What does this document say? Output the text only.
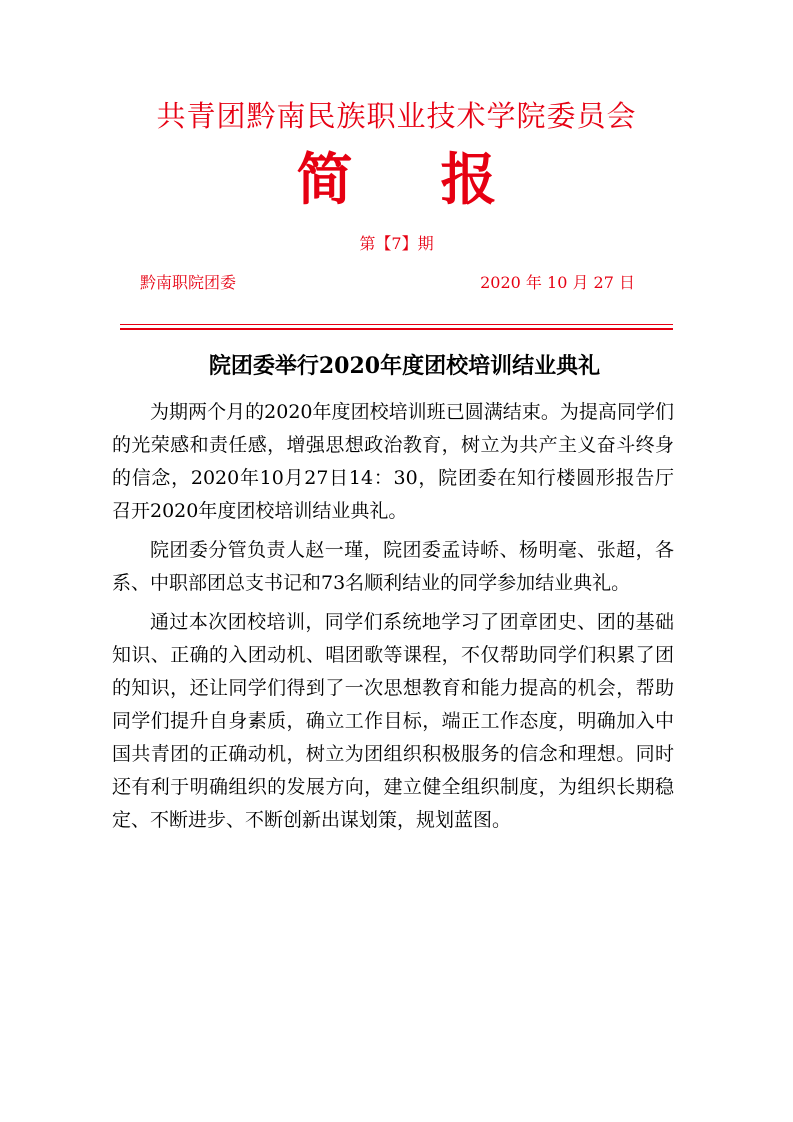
共青团黔南民族职业技术学院委员会
简报
第【7】期
黔南职院团委	2020 年 10 月 27 日
院团委举行2020年度团校培训结业典礼

为期两个月的2020年度团校培训班已圆满结束。为提高同学们的光荣感和责任感，增强思想政治教育，树立为共产主义奋斗终身的信念，2020年10月27日14：30，院团委在知行楼圆形报告厅召开2020年度团校培训结业典礼。

院团委分管负责人赵一瑾，院团委孟诗峤、杨明毫、张超，各系、中职部团总支书记和73名顺利结业的同学参加结业典礼。

通过本次团校培训，同学们系统地学习了团章团史、团的基础知识、正确的入团动机、唱团歌等课程，不仅帮助同学们积累了团的知识，还让同学们得到了一次思想教育和能力提高的机会，帮助同学们提升自身素质，确立工作目标，端正工作态度，明确加入中国共青团的正确动机，树立为团组织积极服务的信念和理想。同时还有利于明确组织的发展方向，建立健全组织制度，为组织长期稳定、不断进步、不断创新出谋划策，规划蓝图。
